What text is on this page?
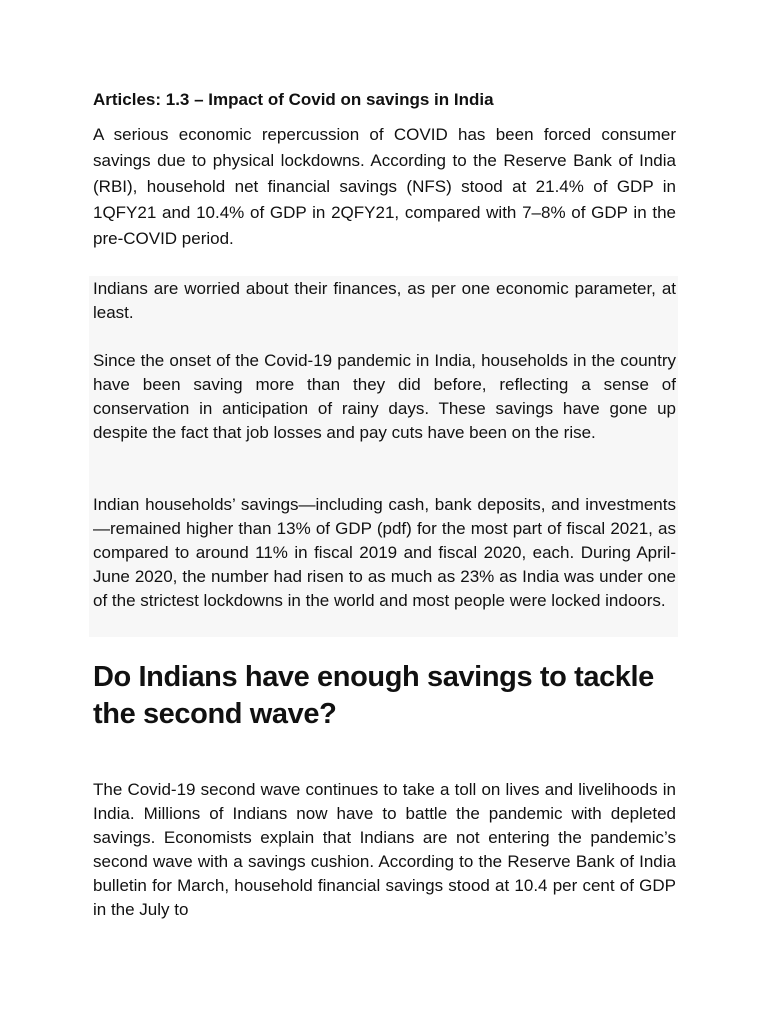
Articles: 1.3 – Impact of Covid on savings in India

A serious economic repercussion of COVID has been forced consumer savings due to physical lockdowns. According to the Reserve Bank of India (RBI), household net financial savings (NFS) stood at 21.4% of GDP in 1QFY21 and 10.4% of GDP in 2QFY21, compared with 7–8% of GDP in the pre-COVID period.

Indians are worried about their finances, as per one economic parameter, at least.

Since the onset of the Covid-19 pandemic in India, households in the country have been saving more than they did before, reflecting a sense of conservation in anticipation of rainy days. These savings have gone up despite the fact that job losses and pay cuts have been on the rise.

Indian households’ savings—including cash, bank deposits, and investments—remained higher than 13% of GDP (pdf) for the most part of fiscal 2021, as compared to around 11% in fiscal 2019 and fiscal 2020, each. During April-June 2020, the number had risen to as much as 23% as India was under one of the strictest lockdowns in the world and most people were locked indoors.

Do Indians have enough savings to tackle the second wave?

The Covid-19 second wave continues to take a toll on lives and livelihoods in India. Millions of Indians now have to battle the pandemic with depleted savings. Economists explain that Indians are not entering the pandemic’s second wave with a savings cushion. According to the Reserve Bank of India bulletin for March, household financial savings stood at 10.4 per cent of GDP in the July to
